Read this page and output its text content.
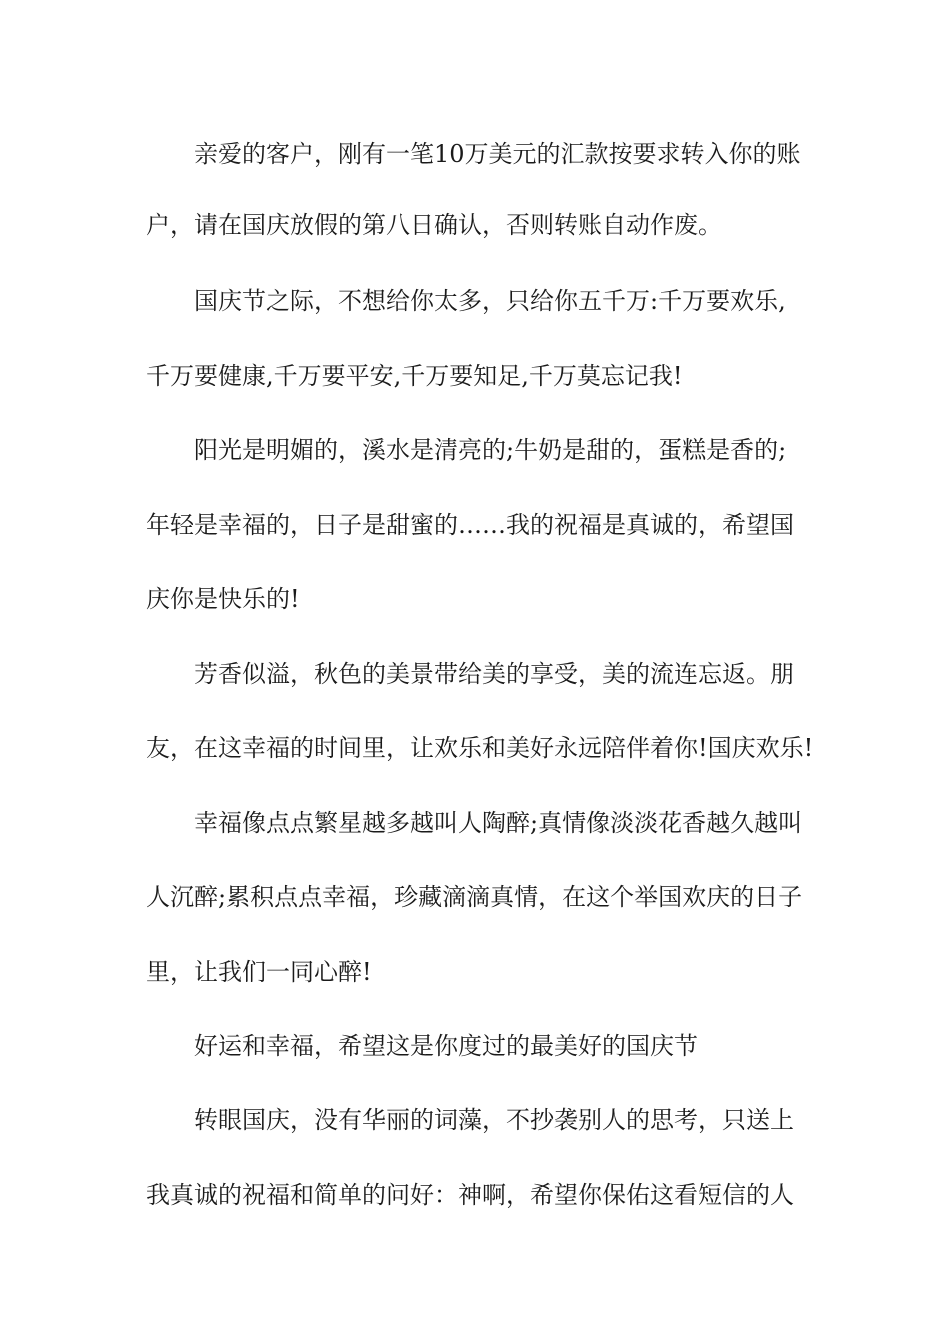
亲爱的客户，刚有一笔10万美元的汇款按要求转入你的账

户，请在国庆放假的第八日确认，否则转账自动作废。

国庆节之际，不想给你太多，只给你五千万:千万要欢乐,

千万要健康,千万要平安,千万要知足,千万莫忘记我!

阳光是明媚的，溪水是清亮的;牛奶是甜的，蛋糕是香的;

年轻是幸福的，日子是甜蜜的……我的祝福是真诚的，希望国

庆你是快乐的!

芳香似溢，秋色的美景带给美的享受，美的流连忘返。朋

友，在这幸福的时间里，让欢乐和美好永远陪伴着你!国庆欢乐!

幸福像点点繁星越多越叫人陶醉;真情像淡淡花香越久越叫

人沉醉;累积点点幸福，珍藏滴滴真情，在这个举国欢庆的日子

里，让我们一同心醉!

好运和幸福，希望这是你度过的最美好的国庆节

转眼国庆，没有华丽的词藻，不抄袭别人的思考，只送上

我真诚的祝福和简单的问好：神啊，希望你保佑这看短信的人
